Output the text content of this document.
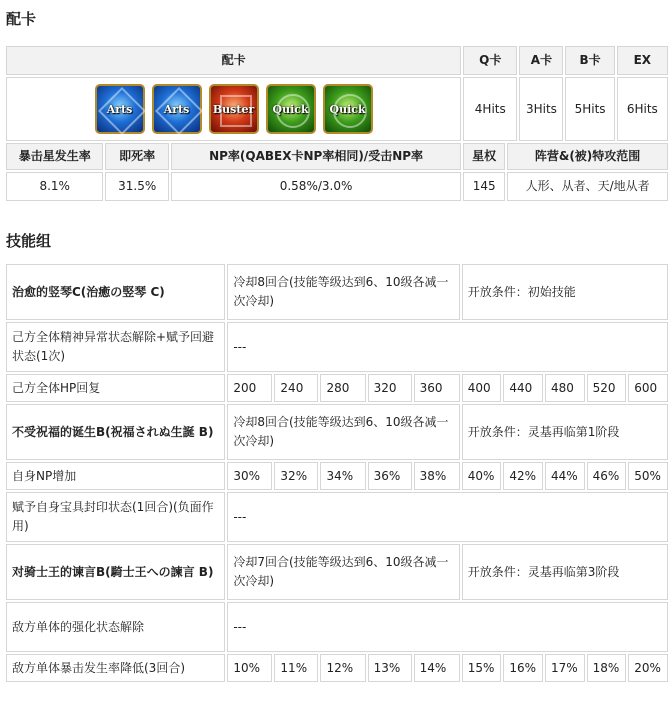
配卡
配卡			Q卡		A卡	B卡	EX

Arts Arts Buster Quick Quick			4Hits		3Hits	5Hits	6Hits
暴击星发生率	即死率	NP率(QABEX卡NP率相同)/受击NP率	星权	阵营&(被)特攻范围			
8.1%	31.5%	0.58%/3.0%	145	人形、从者、天/地从者			
技能组
治愈的竖琴C(治癒の竪琴 C)	冷却8回合(技能等级达到6、10级各减一次冷却)					开放条件：初始技能				
己方全体精神异常状态解除+赋予回避状态(1次)	---									
己方全体HP回复	200	240	280	320	360	400	440	480	520	600
不受祝福的诞生B(祝福されぬ生誕 B)	冷却8回合(技能等级达到6、10级各减一次冷却)					开放条件：灵基再临第1阶段				
自身NP增加	30%	32%	34%	36%	38%	40%	42%	44%	46%	50%
赋予自身宝具封印状态(1回合)(负面作用)	---									
对骑士王的谏言B(騎士王への諫言 B)	冷却7回合(技能等级达到6、10级各减一次冷却)					开放条件：灵基再临第3阶段				
敌方单体的强化状态解除	---									
敌方单体暴击发生率降低(3回合)	10%	11%	12%	13%	14%	15%	16%	17%	18%	20%
